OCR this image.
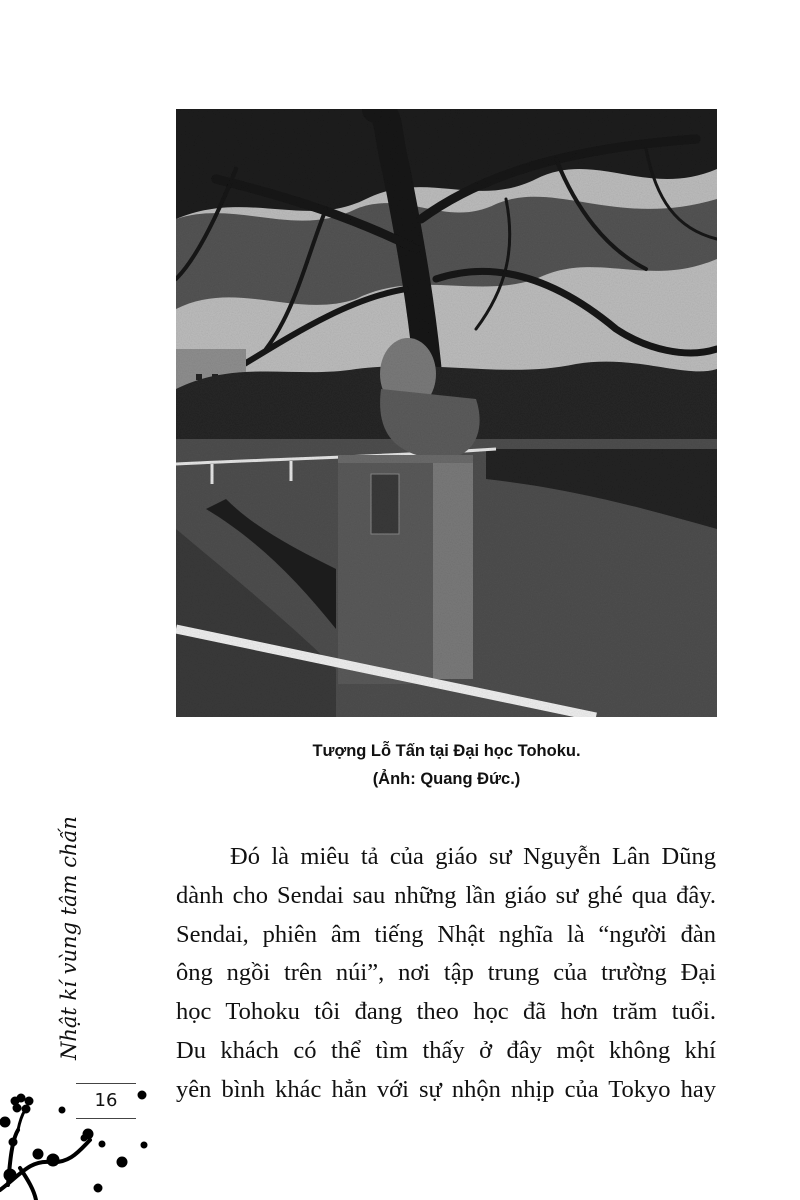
Tượng Lỗ Tấn tại Đại học Tohoku.
(Ảnh: Quang Đức.)
Đó là miêu tả của giáo sư Nguyễn Lân Dũng
dành cho Sendai sau những lần giáo sư ghé qua đây.
Sendai, phiên âm tiếng Nhật nghĩa là “người đàn
ông ngồi trên núi”, nơi tập trung của trường Đại
học Tohoku tôi đang theo học đã hơn trăm tuổi.
Du khách có thể tìm thấy ở đây một không khí
yên bình khác hẳn với sự nhộn nhịp của Tokyo hay
Nhật kí vùng tâm chấn
16
